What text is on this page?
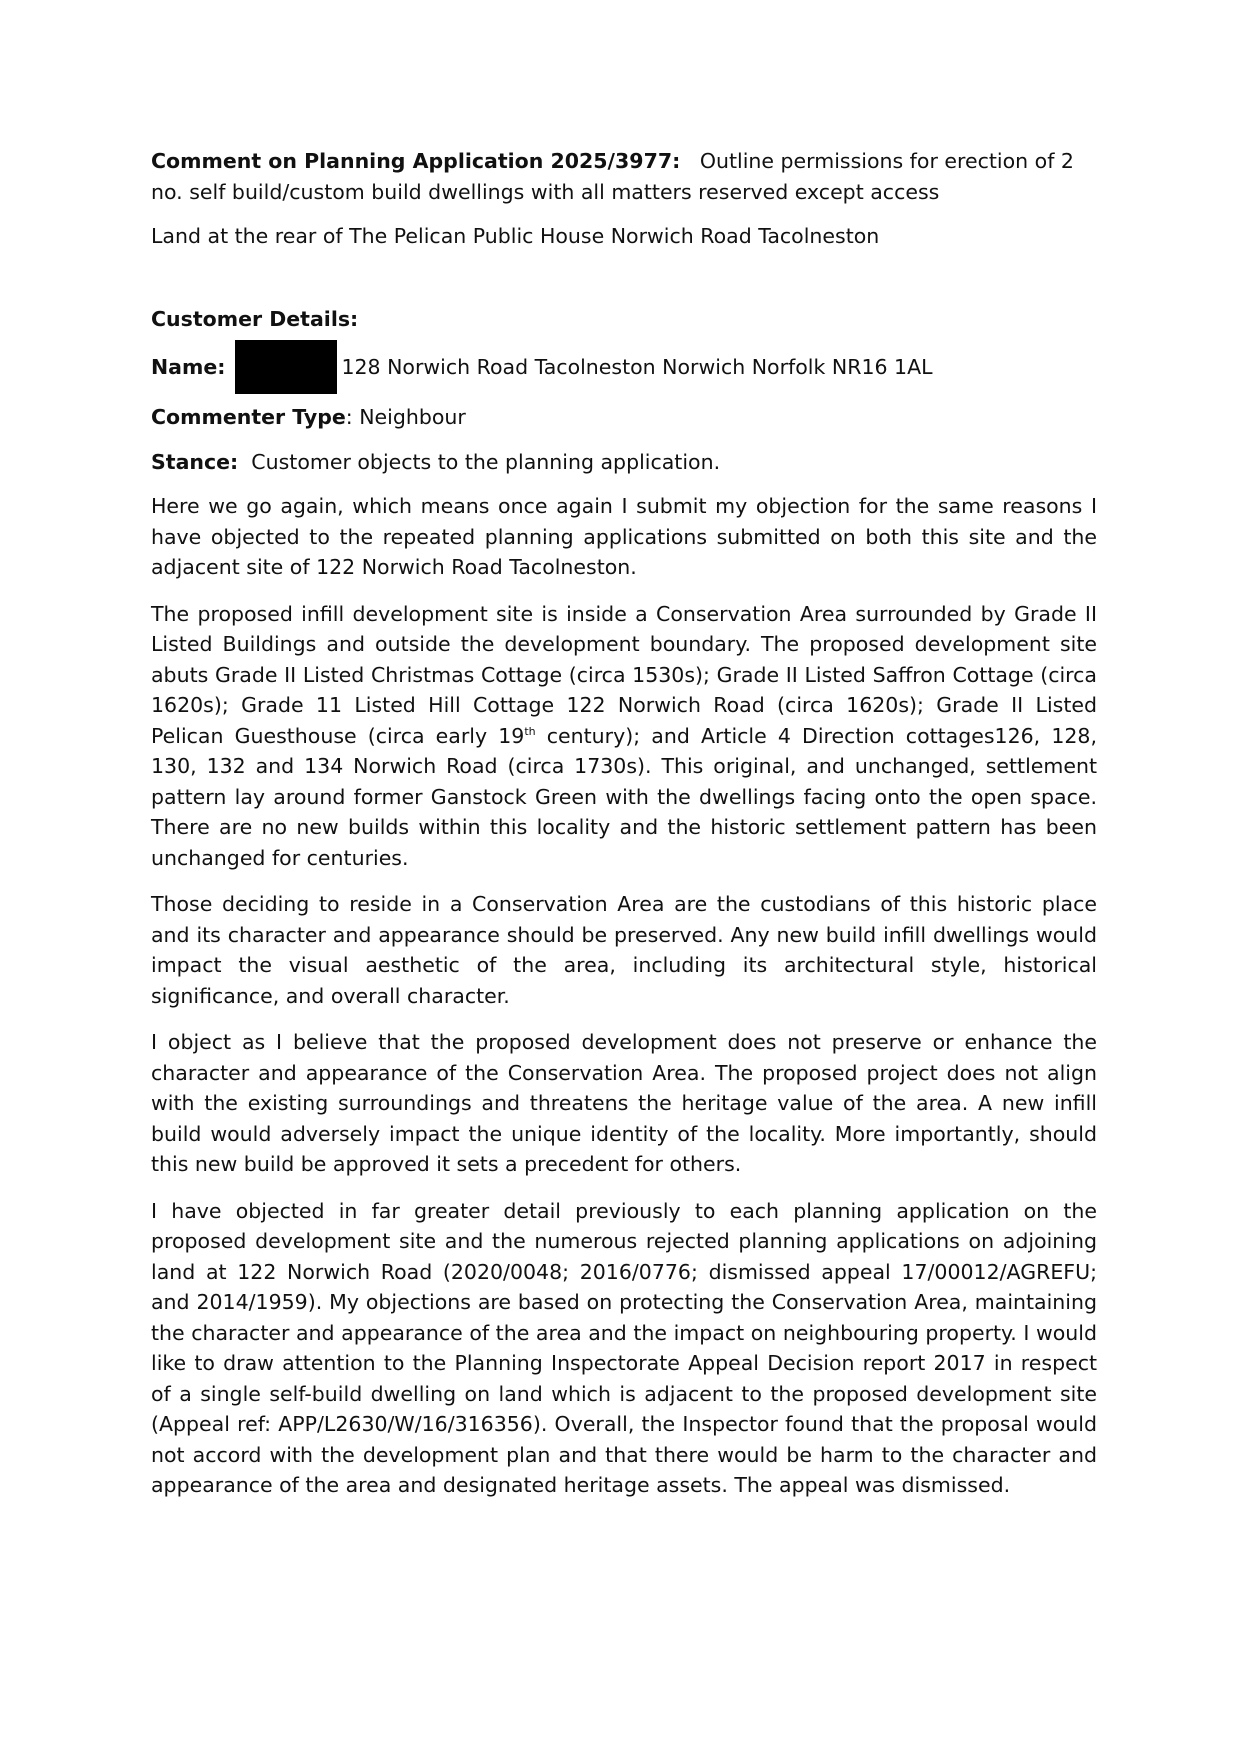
Comment on Planning Application 2025/3977: Outline permissions for erection of 2 no. self build/custom build dwellings with all matters reserved except access

Land at the rear of The Pelican Public House Norwich Road Tacolneston

Customer Details:

Name:	128 Norwich Road Tacolneston Norwich Norfolk NR16 1AL

Commenter Type: Neighbour

Stance: Customer objects to the planning application.

Here we go again, which means once again I submit my objection for the same reasons I have objected to the repeated planning applications submitted on both this site and the adjacent site of 122 Norwich Road Tacolneston.

The proposed infill development site is inside a Conservation Area surrounded by Grade II Listed Buildings and outside the development boundary. The proposed development site abuts Grade II Listed Christmas Cottage (circa 1530s); Grade II Listed Saffron Cottage (circa 1620s); Grade 11 Listed Hill Cottage 122 Norwich Road (circa 1620s); Grade II Listed Pelican Guesthouse (circa early 19th century); and Article 4 Direction cottages126, 128, 130, 132 and 134 Norwich Road (circa 1730s). This original, and unchanged, settlement pattern lay around former Ganstock Green with the dwellings facing onto the open space. There are no new builds within this locality and the historic settlement pattern has been unchanged for centuries.

Those deciding to reside in a Conservation Area are the custodians of this historic place and its character and appearance should be preserved. Any new build infill dwellings would impact the visual aesthetic of the area, including its architectural style, historical significance, and overall character.

I object as I believe that the proposed development does not preserve or enhance the character and appearance of the Conservation Area. The proposed project does not align with the existing surroundings and threatens the heritage value of the area. A new infill build would adversely impact the unique identity of the locality. More importantly, should this new build be approved it sets a precedent for others.

I have objected in far greater detail previously to each planning application on the proposed development site and the numerous rejected planning applications on adjoining land at 122 Norwich Road (2020/0048; 2016/0776; dismissed appeal 17/00012/AGREFU; and 2014/1959). My objections are based on protecting the Conservation Area, maintaining the character and appearance of the area and the impact on neighbouring property. I would like to draw attention to the Planning Inspectorate Appeal Decision report 2017 in respect of a single self-build dwelling on land which is adjacent to the proposed development site (Appeal ref: APP/L2630/W/16/316356). Overall, the Inspector found that the proposal would not accord with the development plan and that there would be harm to the character and appearance of the area and designated heritage assets. The appeal was dismissed.
